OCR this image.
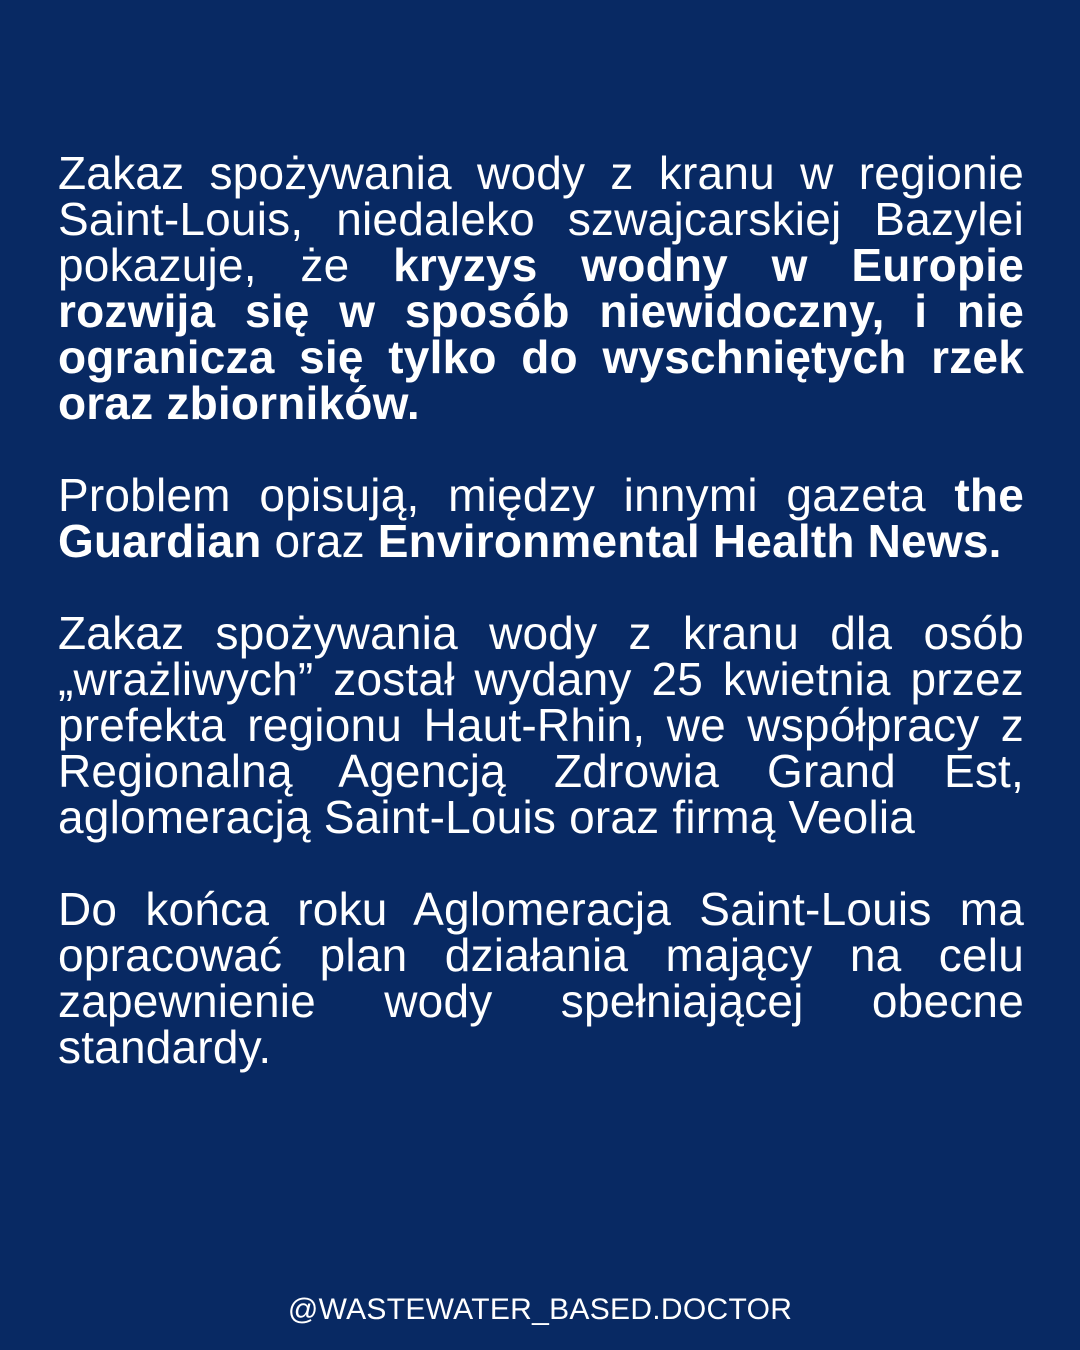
Zakaz spożywania wody z kranu w regionie Saint-Louis, niedaleko szwajcarskiej Bazylei pokazuje, że kryzys wodny w Europie rozwija się w sposób niewidoczny, i nie ogranicza się tylko do wyschniętych rzek oraz zbiorników.

Problem opisują, między innymi gazeta the Guardian oraz Environmental Health News.

Zakaz spożywania wody z kranu dla osób „wrażliwych” został wydany 25 kwietnia przez prefekta regionu Haut-Rhin, we współpracy z Regionalną Agencją Zdrowia Grand Est, aglomeracją Saint-Louis oraz firmą Veolia

Do końca roku Aglomeracja Saint-Louis ma opracować plan działania mający na celu zapewnienie wody spełniającej obecne standardy.

@WASTEWATER_BASED.DOCTOR
